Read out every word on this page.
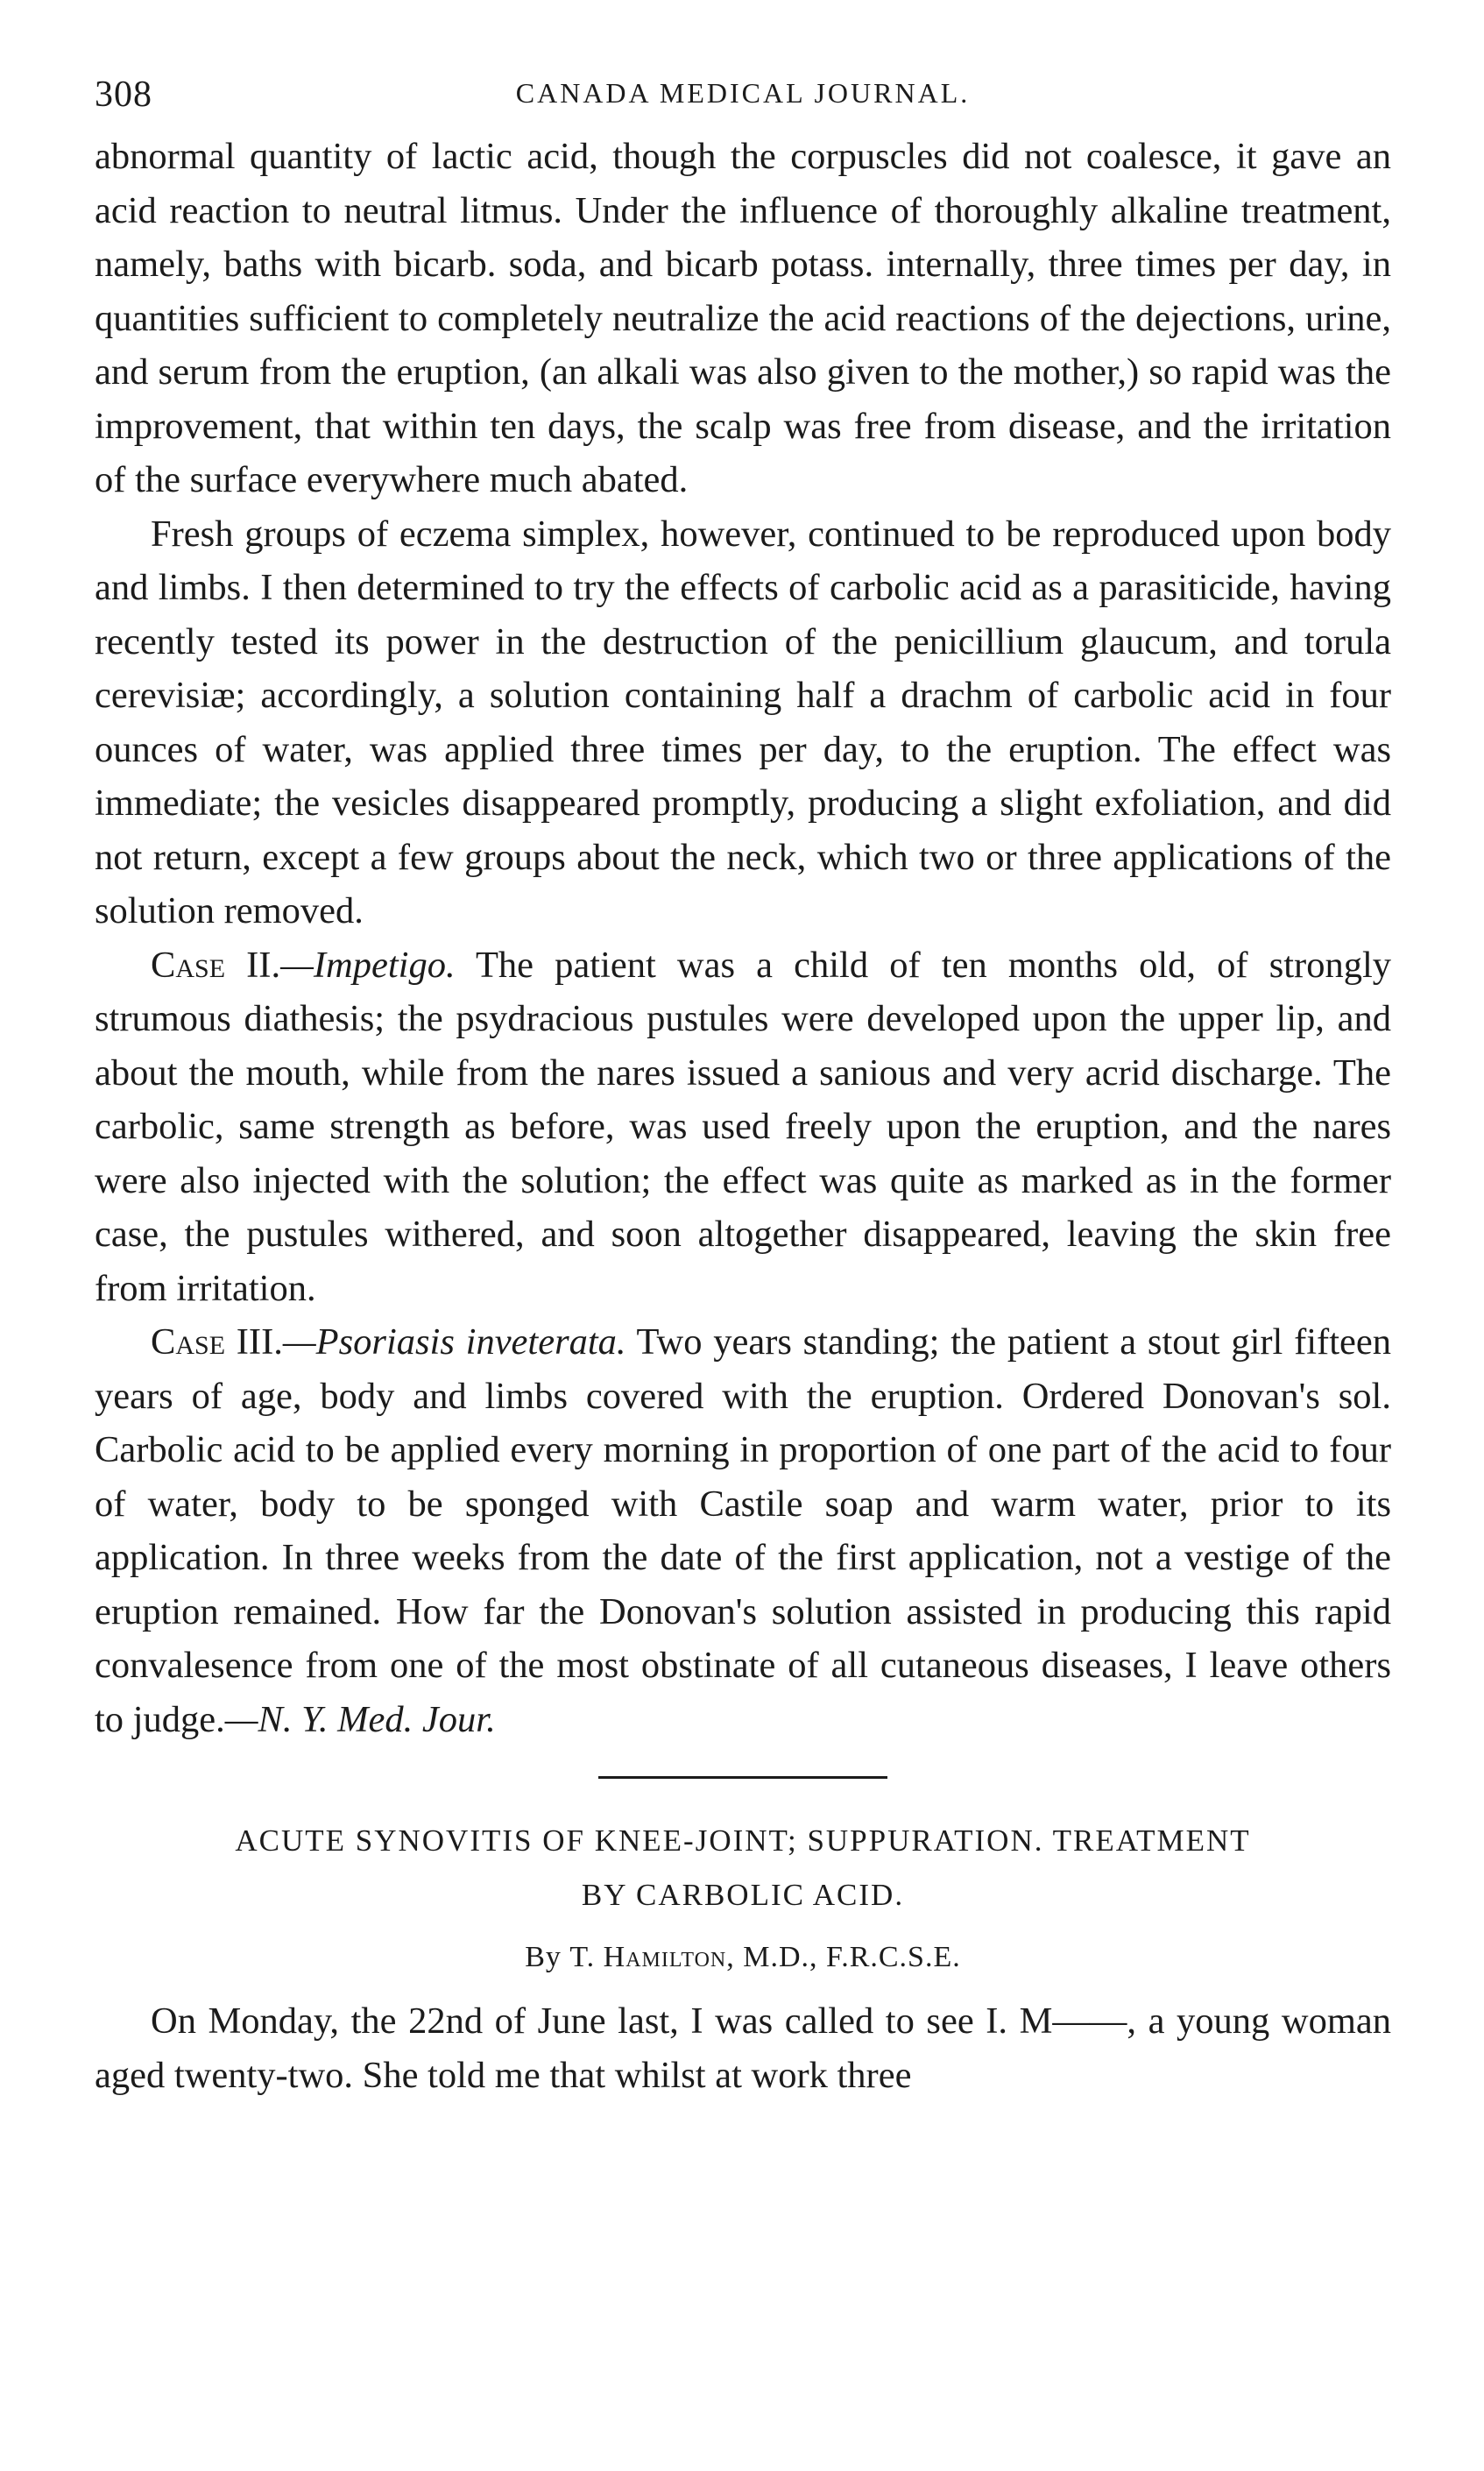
308	CANADA MEDICAL JOURNAL.

abnormal quantity of lactic acid, though the corpuscles did not coalesce, it gave an acid reaction to neutral litmus. Under the influence of thoroughly alkaline treatment, namely, baths with bicarb. soda, and bicarb potass. internally, three times per day, in quantities sufficient to completely neutralize the acid reactions of the dejections, urine, and serum from the eruption, (an alkali was also given to the mother,) so rapid was the improvement, that within ten days, the scalp was free from disease, and the irritation of the surface everywhere much abated.

Fresh groups of eczema simplex, however, continued to be reproduced upon body and limbs. I then determined to try the effects of carbolic acid as a parasiticide, having recently tested its power in the destruction of the penicillium glaucum, and torula cerevisiæ; accordingly, a solution containing half a drachm of carbolic acid in four ounces of water, was applied three times per day, to the eruption. The effect was immediate; the vesicles disappeared promptly, producing a slight exfoliation, and did not return, except a few groups about the neck, which two or three applications of the solution removed.

Case II.—Impetigo. The patient was a child of ten months old, of strongly strumous diathesis; the psydracious pustules were developed upon the upper lip, and about the mouth, while from the nares issued a sanious and very acrid discharge. The carbolic, same strength as before, was used freely upon the eruption, and the nares were also injected with the solution; the effect was quite as marked as in the former case, the pustules withered, and soon altogether disappeared, leaving the skin free from irritation.

Case III.—Psoriasis inveterata. Two years standing; the patient a stout girl fifteen years of age, body and limbs covered with the eruption. Ordered Donovan's sol. Carbolic acid to be applied every morning in proportion of one part of the acid to four of water, body to be sponged with Castile soap and warm water, prior to its application. In three weeks from the date of the first application, not a vestige of the eruption remained. How far the Donovan's solution assisted in producing this rapid convalesence from one of the most obstinate of all cutaneous diseases, I leave others to judge.—N. Y. Med. Jour.

ACUTE SYNOVITIS OF KNEE-JOINT; SUPPURATION. TREATMENT

BY CARBOLIC ACID.

By T. Hamilton, M.D., F.R.C.S.E.

On Monday, the 22nd of June last, I was called to see I. M——, a young woman aged twenty-two. She told me that whilst at work three
